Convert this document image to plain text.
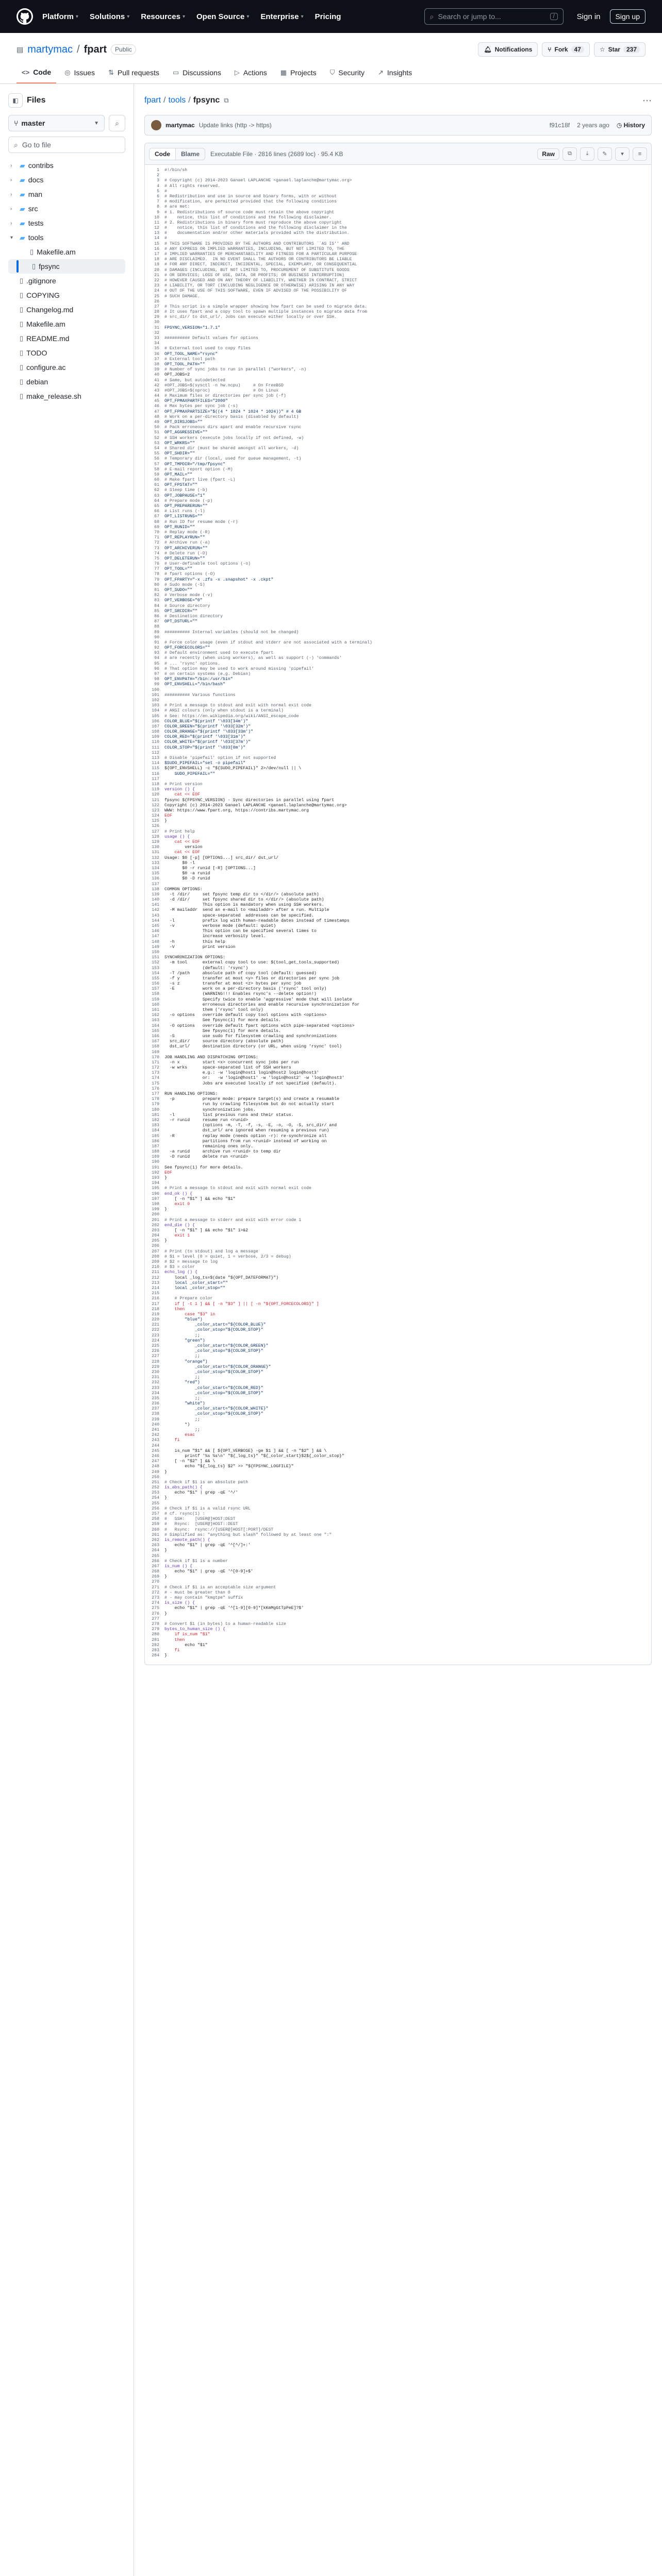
Platform ▾ Solutions ▾ Resources ▾ Open Source ▾ Enterprise ▾ Pricing	⌕ Search or jump to...	/	Sign in	Sign up
▤ martymac / fpart	Public	🔔︎ Notifications	⑂ Fork	47	☆ Star	237
<> Code ◎ Issues ⇅ Pull requests ▭ Discussions ▷ Actions ▦ Projects ⛉ Security ↗ Insights
◧	Files
⑂ master	▼ ⌕
⌕ Go to file
›	▰ contribs
›	▰ docs
›	▰ man
›	▰ src
›	▰ tests
▾ ▰ tools
▯ Makefile.am
▯ fpsync
▯ .gitignore
▯ COPYING
▯ Changelog.md
▯ Makefile.am
▯ README.md
▯ TODO
▯ configure.ac
▯ debian
▯ make_release.sh
fpart / tools / fpsync ⧉	⋯
martymac Update links (http -> https)	f91c18f 2 years ago ◷ History
Code	Blame	Executable File · 2816 lines (2689 loc) · 95.4 KB	Raw	⧉	⤓	✎	▾	≡
1	#!/bin/sh
2
3	# Copyright (c) 2014-2023 Ganael LAPLANCHE <ganael.laplanche@martymac.org>
4	# All rights reserved.
5	#
6	# Redistribution and use in source and binary forms, with or without
7	# modification, are permitted provided that the following conditions
8	# are met:
9	# 1. Redistributions of source code must retain the above copyright
10	#    notice, this list of conditions and the following disclaimer.
11	# 2. Redistributions in binary form must reproduce the above copyright
12	#    notice, this list of conditions and the following disclaimer in the
13	#    documentation and/or other materials provided with the distribution.
14	#
15	# THIS SOFTWARE IS PROVIDED BY THE AUTHORS AND CONTRIBUTORS ``AS IS'' AND
16	# ANY EXPRESS OR IMPLIED WARRANTIES, INCLUDING, BUT NOT LIMITED TO, THE
17	# IMPLIED WARRANTIES OF MERCHANTABILITY AND FITNESS FOR A PARTICULAR PURPOSE
18	# ARE DISCLAIMED.  IN NO EVENT SHALL THE AUTHORS OR CONTRIBUTORS BE LIABLE
19	# FOR ANY DIRECT, INDIRECT, INCIDENTAL, SPECIAL, EXEMPLARY, OR CONSEQUENTIAL
20	# DAMAGES (INCLUDING, BUT NOT LIMITED TO, PROCUREMENT OF SUBSTITUTE GOODS
21	# OR SERVICES; LOSS OF USE, DATA, OR PROFITS; OR BUSINESS INTERRUPTION)
22	# HOWEVER CAUSED AND ON ANY THEORY OF LIABILITY, WHETHER IN CONTRACT, STRICT
23	# LIABILITY, OR TORT (INCLUDING NEGLIGENCE OR OTHERWISE) ARISING IN ANY WAY
24	# OUT OF THE USE OF THIS SOFTWARE, EVEN IF ADVISED OF THE POSSIBILITY OF
25	# SUCH DAMAGE.
26
27	# This script is a simple wrapper showing how fpart can be used to migrate data.
28	# It uses fpart and a copy tool to spawn multiple instances to migrate data from
29	# src_dir/ to dst_url/. Jobs can execute either locally or over SSH.
30
31	FPSYNC_VERSION="1.7.1"
32
33	########## Default values for options
34
35	# External tool used to copy files
36	OPT_TOOL_NAME="rsync"
37	# External tool path
38	OPT_TOOL_PATH=""
39	# Number of sync jobs to run in parallel ("workers", -n)
40	OPT_JOBS=2
41	# Same, but autodetected
42	#OPT_JOBS=$(sysctl -n hw.ncpu)     # On FreeBSD
43	#OPT_JOBS=$(nproc)                 # On Linux
44	# Maximum files or directories per sync job (-f)
45	OPT_FPMAXPARTFILES="2000"
46	# Max bytes per sync job (-s)
47	OPT_FPMAXPARTSIZE="$((4 * 1024 * 1024 * 1024))" # 4 GB
48	# Work on a per-directory basis (disabled by default)
49	OPT_DIRSJOBS=""
50	# Pack erroneous dirs apart and enable recursive rsync
51	OPT_AGGRESSIVE=""
52	# SSH workers (execute jobs locally if not defined, -w)
53	OPT_WRKRS=""
54	# Shared dir (must be shared amongst all workers, -d)
55	OPT_SHDIR=""
56	# Temporary dir (local, used for queue management, -t)
57	OPT_TMPDIR="/tmp/fpsync"
58	# E-mail report option (-M)
59	OPT_MAIL=""
60	# Make fpart live (fpart -L)
61	OPT_FPSTAT=""
62	# Sleep time (-b)
63	OPT_JOBPAUSE="1"
64	# Prepare mode (-p)
65	OPT_PREPARERUN=""
66	# List runs (-l)
67	OPT_LISTRUNS=""
68	# Run ID for resume mode (-r)
69	OPT_RUNID=""
70	# Replay mode (-R)
71	OPT_REPLAYRUN=""
72	# Archive run (-a)
73	OPT_ARCHIVERUN=""
74	# Delete run (-D)
75	OPT_DELETERUN=""
76	# User-definable tool options (-o)
77	OPT_TOOL=""
78	# fpart options (-O)
79	OPT_FPARTY="-x .zfs -x .snapshot* -x .ckpt"
80	# Sudo mode (-S)
81	OPT_SUDO=""
82	# Verbose mode (-v)
83	OPT_VERBOSE="0"
84	# Source directory
85	OPT_SRCDIR=""
86	# Destination directory
87	OPT_DSTURL=""
88
89	########## Internal variables (should not be changed)
90
91	# Force color usage (even if stdout and stderr are not associated with a terminal)
92	OPT_FORCECOLORS=""
93	# Default environment used to execute fpart
94	# are recently (when using workers), as well as support (-) 'commands'
95	# ... 'rsync' options.
96	# That option may be used to work around missing 'pipefail'
97	# on certain systems (e.g. Debian)
98	OPT_ENVPATH="/bin:/usr/bin"
99	OPT_ENVSHELL="/bin/bash"
100
101	########## Various functions
102
103	# Print a message to stdout and exit with normal exit code
104	# ANSI colours (only when stdout is a terminal)
105	# See: https://en.wikipedia.org/wiki/ANSI_escape_code
106	COLOR_BLUE="$(printf '\033[34m')"
107	COLOR_GREEN="$(printf '\033[32m')"
108	COLOR_ORANGE="$(printf '\033[33m')"
109	COLOR_RED="$(printf '\033[31m')"
110	COLOR_WHITE="$(printf '\033[37m')"
111	COLOR_STOP="$(printf '\033[0m')"
112
113	# Disable 'pipefail' option if not supported
114	$SUDO_PIPEFAIL="set -o pipefail"
115	${OPT_ENVSHELL} -c "${SUDO_PIPEFAIL}" 2>/dev/null || \
116	SUDO_PIPEFAIL=""
117
118	# Print version
119	version () {
120	cat << EOF
121	fpsync ${FPSYNC_VERSION} - Sync directories in parallel using fpart
122	Copyright (c) 2014-2023 Ganael LAPLANCHE <ganael.laplanche@martymac.org>
123	WWW: https://www.fpart.org, https://contribs.martymac.org
124	EOF
125	}
126
127	# Print help
128	usage () {
129	cat << EOF
130	version
131	cat << EOF
132	Usage: $0 [-p] [OPTIONS...] src_dir/ dst_url/
133	$0 -l
134	$0 -r runid [-R] [OPTIONS...]
135	$0 -a runid
136	$0 -D runid
137
138	COMMON OPTIONS:
139	-t /dir/     set fpsync temp dir to </dir/> (absolute path)
140	-d /dir/     set fpsync shared dir to </dir/> (absolute path)
141	This option is mandatory when using SSH workers.
142	-M mailaddr  send an e-mail to <mailaddr> after a run. Multiple
143	space-separated  addresses can be specified.
144	-l           prefix log with human-readable dates instead of timestamps
145	-v           verbose mode (default: quiet)
146	This option can be specified several times to
147	increase verbosity level.
148	-h           this help
149	-V           print version
150
151	SYNCHRONIZATION OPTIONS:
152	-m tool      external copy tool to use: $(tool_get_tools_supported)
153	(default: 'rsync')
154	-T /path     absolute path of copy tool (default: guessed)
155	-f y         transfer at most <y> files or directories per sync job
156	-s z         transfer at most <z> bytes per sync job
157	-E           work on a per-directory basis ('rsync' tool only)
158	(WARNING!!! Enables rsync's --delete option!)
159	Specify twice to enable 'aggressive' mode that will isolate
160	erroneous directories and enable recursive synchronization for
161	them ('rsync' tool only)
162	-o options   override default copy tool options with <options>
163	See fpsync(1) for more details.
164	-O options   override default fpart options with pipe-separated <options>
165	See fpsync(1) for more details.
166	-S           use sudo for filesystem crawling and synchronizations
167	src_dir/     source directory (absolute path)
168	dst_url/     destination directory (or URL, when using 'rsync' tool)
169
170	JOB HANDLING AND DISPATCHING OPTIONS:
171	-n x         start <x> concurrent sync jobs per run
172	-w wrks      space-separated list of SSH workers
173	e.g.: -w 'login@host1 login@host2 login@host3'
174	or:   -w 'login@host1' -w 'login@host2' -w 'login@host3'
175	Jobs are executed locally if not specified (default).
176
177	RUN HANDLING OPTIONS:
178	-p           prepare mode: prepare target(s) and create a resumable
179	run by crawling filesystem but do not actually start
180	synchronization jobs.
181	-l           list previous runs and their status.
182	-r runid     resume run <runid>
183	(options -m, -T, -f, -s, -E, -o, -O, -S, src_dir/ and
184	dst_url/ are ignored when resuming a previous run)
185	-R           replay mode (needs option -r): re-synchronize all
186	partitions from run <runid> instead of working on
187	remaining ones only.
188	-a runid     archive run <runid> to temp dir
189	-D runid     delete run <runid>
190
191	See fpsync(1) for more details.
192	EOF
193	}
194
195	# Print a message to stdout and exit with normal exit code
196	end_ok () {
197	[ -n "$1" ] && echo "$1"
198	exit 0
199	}
200
201	# Print a message to stderr and exit with error code 1
202	end_die () {
203	[ -n "$1" ] && echo "$1" 1>&2
204	exit 1
205	}
206
207	# Print (to stdout) and log a message
208	# $1 = level (0 = quiet, 1 = verbose, 2/3 = debug)
209	# $2 = message to log
210	# $3 = color
211	echo_log () {
212	local _log_ts=$(date "${OPT_DATEFORMAT}")
213	local _color_start=""
214	local _color_stop=""
215
216	# Prepare color
217	if [ -t 1 ] && [ -n "$3" ] || [ -n "${OPT_FORCECOLORS}" ]
218	then
219	case "$3" in
220	"blue")
221	_color_start="${COLOR_BLUE}"
222	_color_stop="${COLOR_STOP}"
223	;;
224	"green")
225	_color_start="${COLOR_GREEN}"
226	_color_stop="${COLOR_STOP}"
227	;;
228	"orange")
229	_color_start="${COLOR_ORANGE}"
230	_color_stop="${COLOR_STOP}"
231	;;
232	"red")
233	_color_start="${COLOR_RED}"
234	_color_stop="${COLOR_STOP}"
235	;;
236	"white")
237	_color_start="${COLOR_WHITE}"
238	_color_stop="${COLOR_STOP}"
239	;;
240	*)
241	;;
242	esac
243	fi
244
245	is_num "$1" && [ ${OPT_VERBOSE} -ge $1 ] && [ -n "$2" ] && \
246	printf '%s %s\n' "${_log_ts}" "${_color_start}$2${_color_stop}"
247	[ -n "$2" ] && \
248	echo "${_log_ts} $2" >> "${FPSYNC_LOGFILE}"
249	}
250
251	# Check if $1 is an absolute path
252	is_abs_path() {
253	echo "$1" | grep -qE '^/'
254	}
255
256	# Check if $1 is a valid rsync URL
257	# cf. rsync(1) :
258	#   SSH:    [USER@]HOST:DEST
259	#   Rsync:  [USER@]HOST::DEST
260	#   Rsync:  rsync://[USER@]HOST[:PORT]/DEST
261	# Simplified as: "anything but slash" followed by at least one ":"
262	is_remote_path() {
263	echo "$1" | grep -qE '^[^/]+:'
264	}
265
266	# Check if $1 is a number
267	is_num () {
268	echo "$1" | grep -qE '^[0-9]+$'
269	}
270
271	# Check if $1 is an acceptable size argument
272	# - must be greater than 0
273	# - may contain "kmgtpe" suffix
274	is_size () {
275	echo "$1" | grep -qE '^[1-9][0-9]*[kKmMgGtTpPeE]?$'
276	}
277
278	# Convert $1 (in bytes) to a human-readable size
279	bytes_to_human_size () {
280	if is_num "$1"
281	then
282	echo "$1"
283	fi
284	}
